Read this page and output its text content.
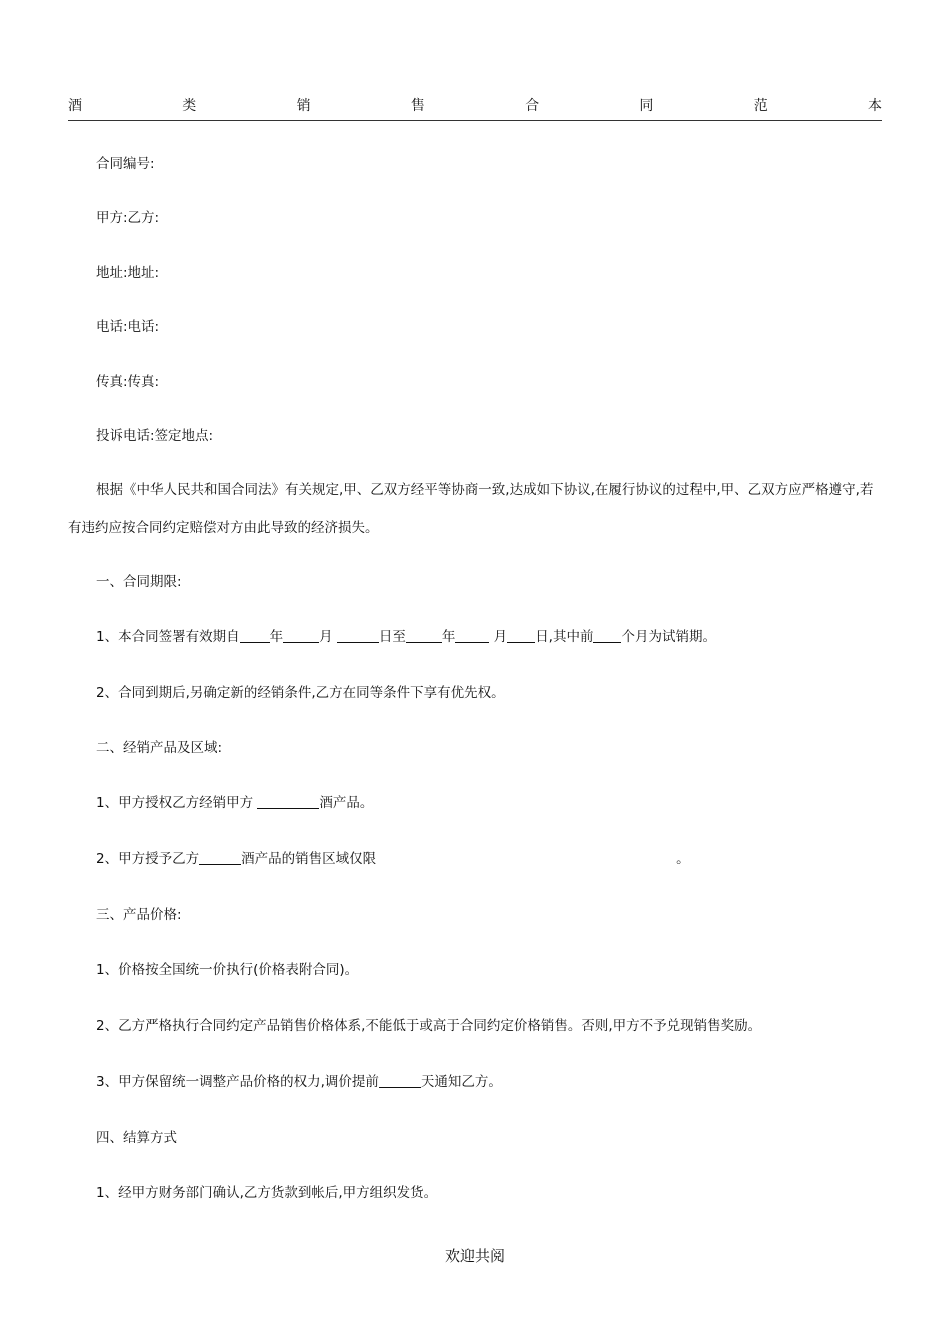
酒	类	销	售	合	同	范	本
合同编号:
甲方:乙方:
地址:地址:
电话:电话:
传真:传真:
投诉电话:签定地点:
根据《中华人民共和国合同法》有关规定,甲、乙双方经平等协商一致,达成如下协议,在履行协议的过程中,甲、乙双方应严格遵守,若有违约应按合同约定赔偿对方由此导致的经济损失。
一、合同期限:
1、本合同签署有效期自 年	月	日至	年	月 日,其中前 个月为试销期。
2、合同到期后,另确定新的经销条件,乙方在同等条件下享有优先权。
二、经销产品及区域:
1、甲方授权乙方经销甲方	酒产品。
2、甲方授予乙方	酒产品的销售区域仅限	。
三、产品价格:
1、价格按全国统一价执行(价格表附合同)。
2、乙方严格执行合同约定产品销售价格体系,不能低于或高于合同约定价格销售。否则,甲方不予兑现销售奖励。
3、甲方保留统一调整产品价格的权力,调价提前	天通知乙方。
四、结算方式
1、经甲方财务部门确认,乙方货款到帐后,甲方组织发货。
欢迎共阅
